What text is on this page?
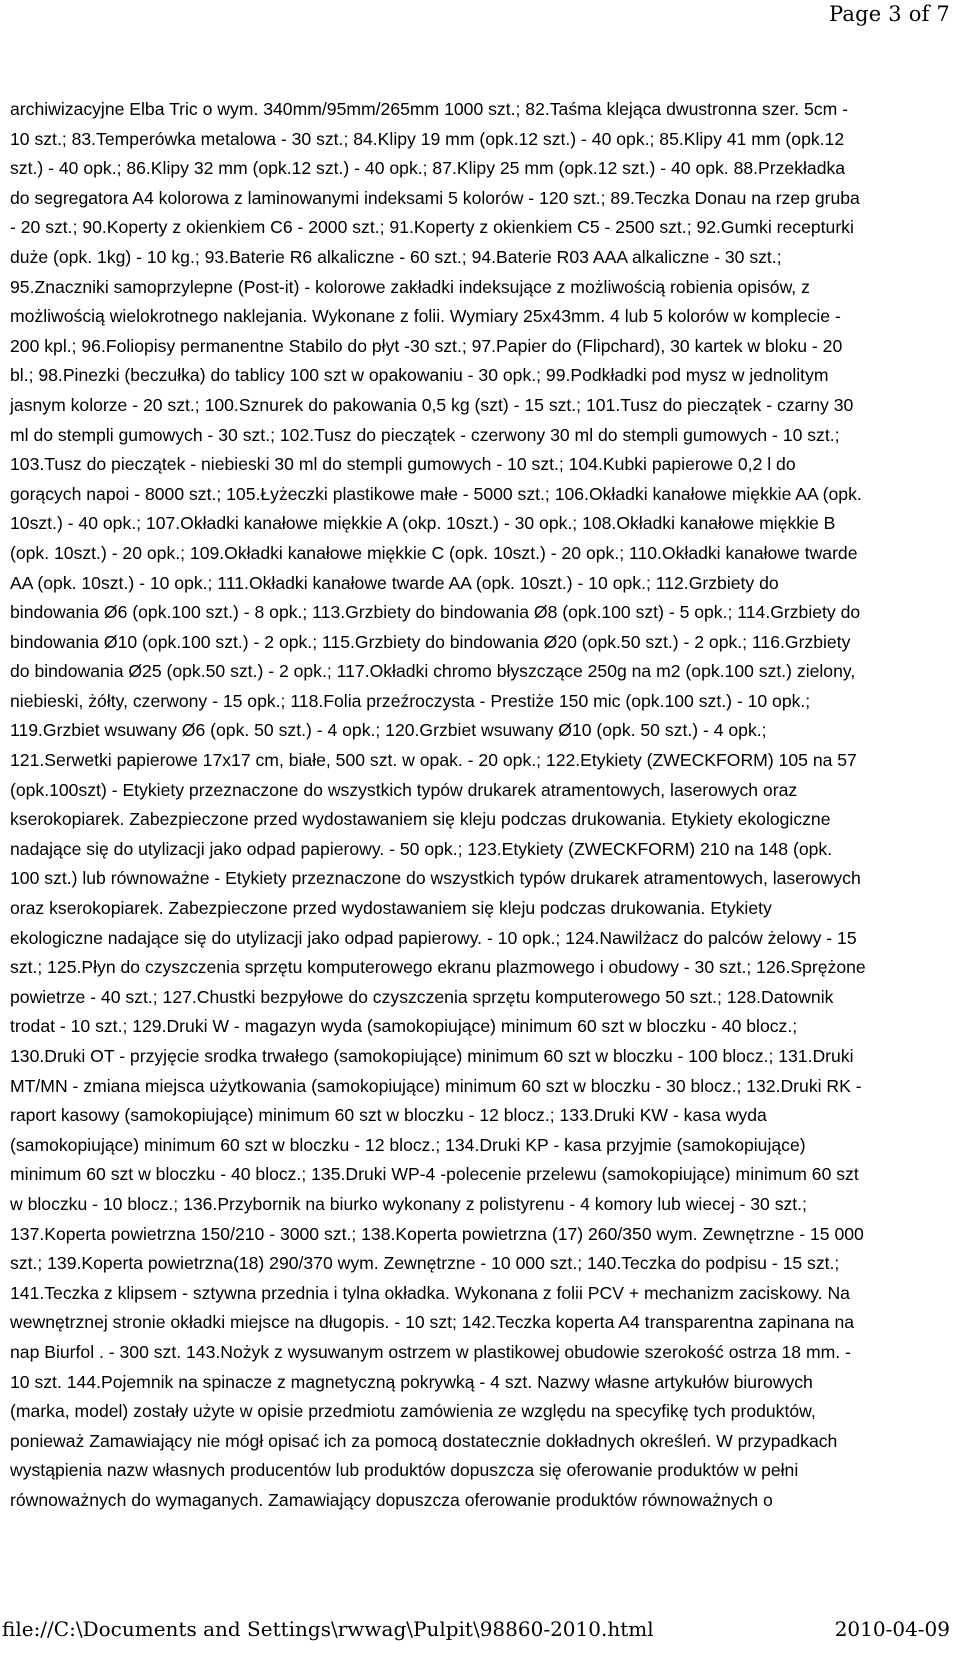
Page 3 of 7
archiwizacyjne Elba Tric o wym. 340mm/95mm/265mm 1000 szt.; 82.Taśma klejąca dwustronna szer. 5cm -
10 szt.; 83.Temperówka metalowa - 30 szt.; 84.Klipy 19 mm (opk.12 szt.) - 40 opk.; 85.Klipy 41 mm (opk.12
szt.) - 40 opk.; 86.Klipy 32 mm (opk.12 szt.) - 40 opk.; 87.Klipy 25 mm (opk.12 szt.) - 40 opk. 88.Przekładka
do segregatora A4 kolorowa z laminowanymi indeksami 5 kolorów - 120 szt.; 89.Teczka Donau na rzep gruba
- 20 szt.; 90.Koperty z okienkiem C6 - 2000 szt.; 91.Koperty z okienkiem C5 - 2500 szt.; 92.Gumki recepturki
duże (opk. 1kg) - 10 kg.; 93.Baterie R6 alkaliczne - 60 szt.; 94.Baterie R03 AAA alkaliczne - 30 szt.;
95.Znaczniki samoprzylepne (Post-it) - kolorowe zakładki indeksujące z możliwością robienia opisów, z
możliwością wielokrotnego naklejania. Wykonane z folii. Wymiary 25x43mm. 4 lub 5 kolorów w komplecie -
200 kpl.; 96.Foliopisy permanentne Stabilo do płyt -30 szt.; 97.Papier do (Flipchard), 30 kartek w bloku - 20
bl.; 98.Pinezki (beczułka) do tablicy 100 szt w opakowaniu - 30 opk.; 99.Podkładki pod mysz w jednolitym
jasnym kolorze - 20 szt.; 100.Sznurek do pakowania 0,5 kg (szt) - 15 szt.; 101.Tusz do pieczątek - czarny 30
ml do stempli gumowych - 30 szt.; 102.Tusz do pieczątek - czerwony 30 ml do stempli gumowych - 10 szt.;
103.Tusz do pieczątek - niebieski 30 ml do stempli gumowych - 10 szt.; 104.Kubki papierowe 0,2 l do
gorących napoi - 8000 szt.; 105.Łyżeczki plastikowe małe - 5000 szt.; 106.Okładki kanałowe miękkie AA (opk.
10szt.) - 40 opk.; 107.Okładki kanałowe miękkie A (okp. 10szt.) - 30 opk.; 108.Okładki kanałowe miękkie B
(opk. 10szt.) - 20 opk.; 109.Okładki kanałowe miękkie C (opk. 10szt.) - 20 opk.; 110.Okładki kanałowe twarde
AA (opk. 10szt.) - 10 opk.; 111.Okładki kanałowe twarde AA (opk. 10szt.) - 10 opk.; 112.Grzbiety do
bindowania Ø6 (opk.100 szt.) - 8 opk.; 113.Grzbiety do bindowania Ø8 (opk.100 szt) - 5 opk.; 114.Grzbiety do
bindowania Ø10 (opk.100 szt.) - 2 opk.; 115.Grzbiety do bindowania Ø20 (opk.50 szt.) - 2 opk.; 116.Grzbiety
do bindowania Ø25 (opk.50 szt.) - 2 opk.; 117.Okładki chromo błyszczące 250g na m2 (opk.100 szt.) zielony,
niebieski, żółty, czerwony - 15 opk.; 118.Folia przeźroczysta - Prestiże 150 mic (opk.100 szt.) - 10 opk.;
119.Grzbiet wsuwany Ø6 (opk. 50 szt.) - 4 opk.; 120.Grzbiet wsuwany Ø10 (opk. 50 szt.) - 4 opk.;
121.Serwetki papierowe 17x17 cm, białe, 500 szt. w opak. - 20 opk.; 122.Etykiety (ZWECKFORM) 105 na 57
(opk.100szt) - Etykiety przeznaczone do wszystkich typów drukarek atramentowych, laserowych oraz
kserokopiarek. Zabezpieczone przed wydostawaniem się kleju podczas drukowania. Etykiety ekologiczne
nadające się do utylizacji jako odpad papierowy. - 50 opk.; 123.Etykiety (ZWECKFORM) 210 na 148 (opk.
100 szt.) lub równoważne - Etykiety przeznaczone do wszystkich typów drukarek atramentowych, laserowych
oraz kserokopiarek. Zabezpieczone przed wydostawaniem się kleju podczas drukowania. Etykiety
ekologiczne nadające się do utylizacji jako odpad papierowy. - 10 opk.; 124.Nawilżacz do palców żelowy - 15
szt.; 125.Płyn do czyszczenia sprzętu komputerowego ekranu plazmowego i obudowy - 30 szt.; 126.Sprężone
powietrze - 40 szt.; 127.Chustki bezpyłowe do czyszczenia sprzętu komputerowego 50 szt.; 128.Datownik
trodat - 10 szt.; 129.Druki W - magazyn wyda (samokopiujące) minimum 60 szt w bloczku - 40 blocz.;
130.Druki OT - przyjęcie srodka trwałego (samokopiujące) minimum 60 szt w bloczku - 100 blocz.; 131.Druki
MT/MN - zmiana miejsca użytkowania (samokopiujące) minimum 60 szt w bloczku - 30 blocz.; 132.Druki RK -
raport kasowy (samokopiujące) minimum 60 szt w bloczku - 12 blocz.; 133.Druki KW - kasa wyda
(samokopiujące) minimum 60 szt w bloczku - 12 blocz.; 134.Druki KP - kasa przyjmie (samokopiujące)
minimum 60 szt w bloczku - 40 blocz.; 135.Druki WP-4 -polecenie przelewu (samokopiujące) minimum 60 szt
w bloczku - 10 blocz.; 136.Przybornik na biurko wykonany z polistyrenu - 4 komory lub wiecej - 30 szt.;
137.Koperta powietrzna 150/210 - 3000 szt.; 138.Koperta powietrzna (17) 260/350 wym. Zewnętrzne - 15 000
szt.; 139.Koperta powietrzna(18) 290/370 wym. Zewnętrzne - 10 000 szt.; 140.Teczka do podpisu - 15 szt.;
141.Teczka z klipsem - sztywna przednia i tylna okładka. Wykonana z folii PCV + mechanizm zaciskowy. Na
wewnętrznej stronie okładki miejsce na długopis. - 10 szt; 142.Teczka koperta A4 transparentna zapinana na
nap Biurfol . - 300 szt. 143.Nożyk z wysuwanym ostrzem w plastikowej obudowie szerokość ostrza 18 mm. -
10 szt. 144.Pojemnik na spinacze z magnetyczną pokrywką - 4 szt. Nazwy własne artykułów biurowych
(marka, model) zostały użyte w opisie przedmiotu zamówienia ze względu na specyfikę tych produktów,
ponieważ Zamawiający nie mógł opisać ich za pomocą dostatecznie dokładnych określeń. W przypadkach
wystąpienia nazw własnych producentów lub produktów dopuszcza się oferowanie produktów w pełni
równoważnych do wymaganych. Zamawiający dopuszcza oferowanie produktów równoważnych o
file://C:\Documents and Settings\rwwag\Pulpit\98860-2010.html	2010-04-09
